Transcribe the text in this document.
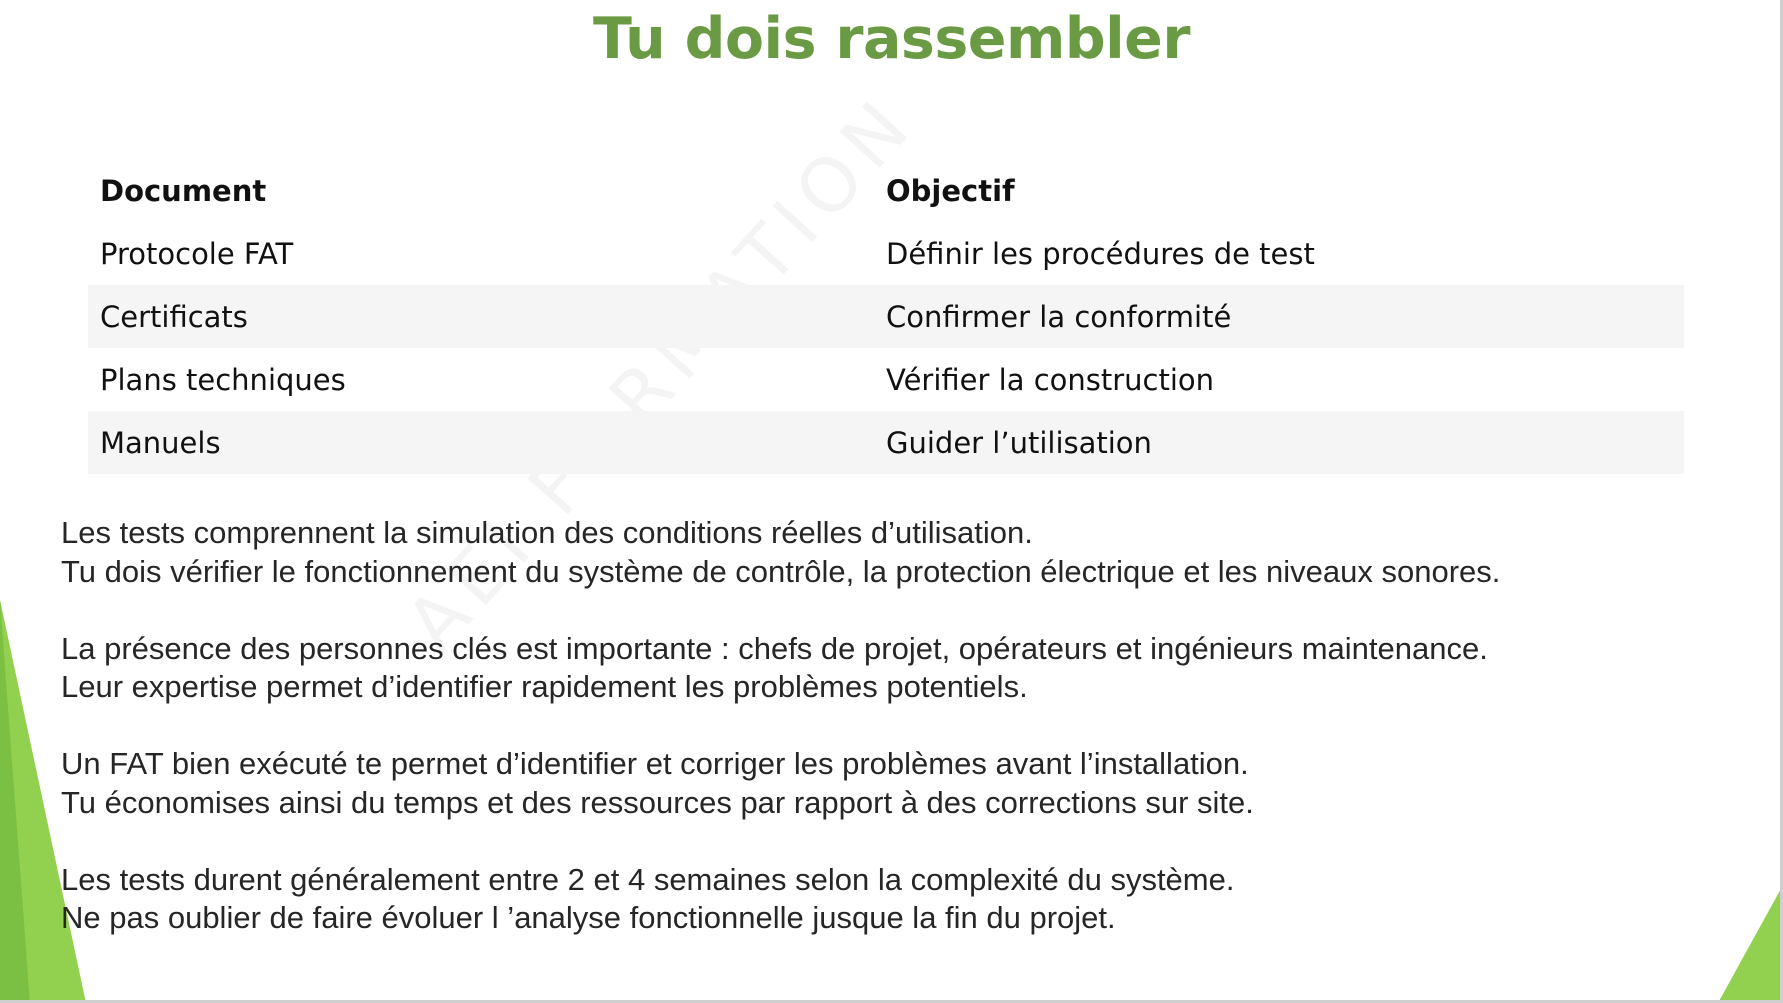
Tu dois rassembler
Document	Objectif
Protocole FAT	Définir les procédures de test
Certificats	Confirmer la conformité
Plans techniques	Vérifier la construction
Manuels	Guider l’utilisation

Les tests comprennent la simulation des conditions réelles d’utilisation.
Tu dois vérifier le fonctionnement du système de contrôle, la protection électrique et les niveaux sonores.

La présence des personnes clés est importante : chefs de projet, opérateurs et ingénieurs maintenance.
Leur expertise permet d’identifier rapidement les problèmes potentiels.

Un FAT bien exécuté te permet d’identifier et corriger les problèmes avant l’installation.
Tu économises ainsi du temps et des ressources par rapport à des corrections sur site.

Les tests durent généralement entre 2 et 4 semaines selon la complexité du système.
Ne pas oublier de faire évoluer l ’analyse fonctionnelle jusque la fin du projet.
